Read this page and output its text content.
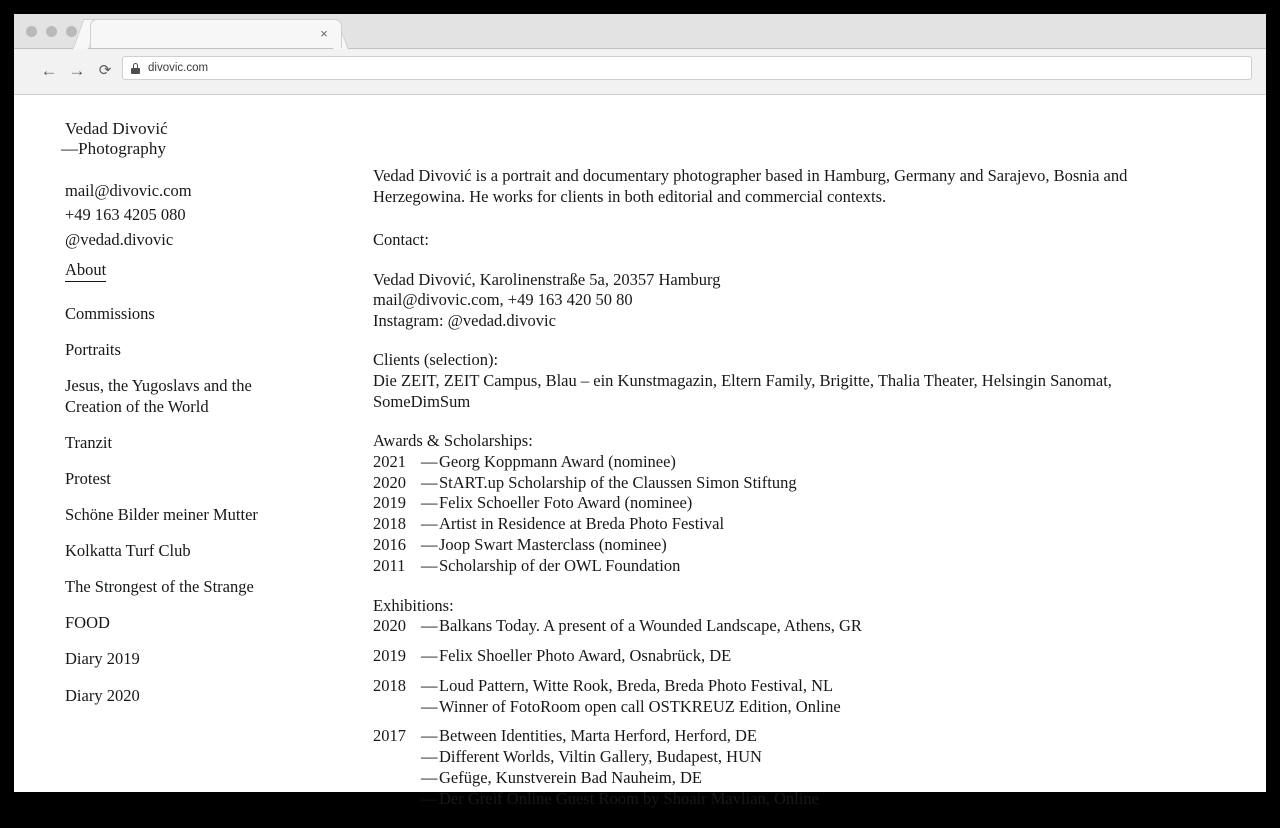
×
← → ⟳	divovic.com
Vedad Divović
—Photography
mail@divovic.com
+49 163 4205 080
@vedad.divovic
About
Commissions
Portraits
Jesus, the Yugoslavs and the
Creation of the World
Tranzit
Protest
Schöne Bilder meiner Mutter
Kolkatta Turf Club
The Strongest of the Strange
FOOD
Diary 2019
Diary 2020
Vedad Divović is a portrait and documentary photographer based in Hamburg, Germany and Sarajevo, Bosnia and
Herzegowina. He works for clients in both editorial and commercial contexts.
Contact:
Vedad Divović, Karolinenstraße 5a, 20357 Hamburg
mail@divovic.com, +49 163 420 50 80
Instagram: @vedad.divovic
Clients (selection):
Die ZEIT, ZEIT Campus, Blau – ein Kunstmagazin, Eltern Family, Brigitte, Thalia Theater, Helsingin Sanomat,
SomeDimSum
Awards & Scholarships:
2021 — Georg Koppmann Award (nominee)
2020 — StART.up Scholarship of the Claussen Simon Stiftung
2019 — Felix Schoeller Foto Award (nominee)
2018 — Artist in Residence at Breda Photo Festival
2016 — Joop Swart Masterclass (nominee)
2011 — Scholarship of der OWL Foundation
Exhibitions:
2020 — Balkans Today. A present of a Wounded Landscape, Athens, GR
2019 — Felix Shoeller Photo Award, Osnabrück, DE
2018 — Loud Pattern, Witte Rook, Breda, Breda Photo Festival, NL
— Winner of FotoRoom open call OSTKREUZ Edition, Online
2017 — Between Identities, Marta Herford, Herford, DE
— Different Worlds, Viltin Gallery, Budapest, HUN
— Gefüge, Kunstverein Bad Nauheim, DE
— Der Greif Online Guest Room by Shoair Mavlian, Online
